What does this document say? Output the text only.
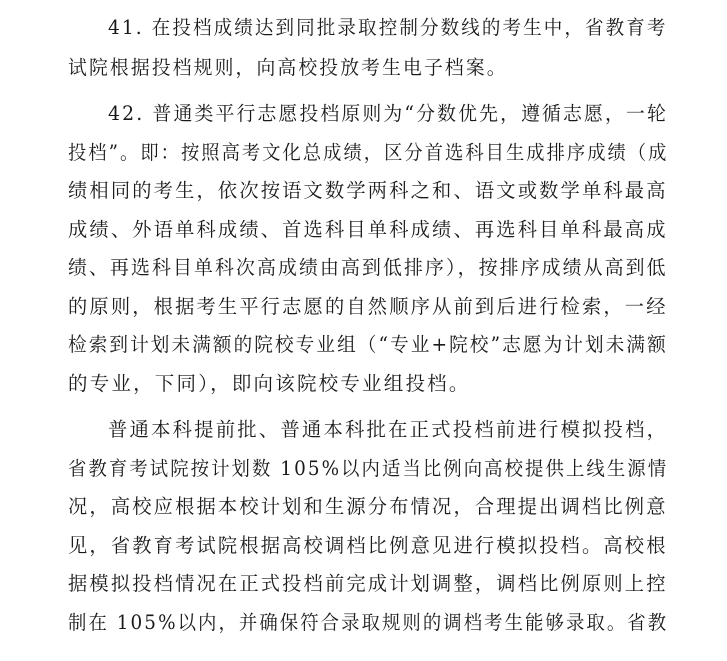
41. 在投档成绩达到同批录取控制分数线的考生中，省教育考
试院根据投档规则，向高校投放考生电子档案。
42. 普通类平行志愿投档原则为“分数优先，遵循志愿，一轮
投档”。即：按照高考文化总成绩，区分首选科目生成排序成绩（成
绩相同的考生，依次按语文数学两科之和、语文或数学单科最高
成绩、外语单科成绩、首选科目单科成绩、再选科目单科最高成
绩、再选科目单科次高成绩由高到低排序），按排序成绩从高到低
的原则，根据考生平行志愿的自然顺序从前到后进行检索，一经
检索到计划未满额的院校专业组（“专业+院校”志愿为计划未满额
的专业，下同），即向该院校专业组投档。
普通本科提前批、普通本科批在正式投档前进行模拟投档，
省教育考试院按计划数 105%以内适当比例向高校提供上线生源情
况，高校应根据本校计划和生源分布情况，合理提出调档比例意
见，省教育考试院根据高校调档比例意见进行模拟投档。高校根
据模拟投档情况在正式投档前完成计划调整，调档比例原则上控
制在 105%以内，并确保符合录取规则的调档考生能够录取。省教
